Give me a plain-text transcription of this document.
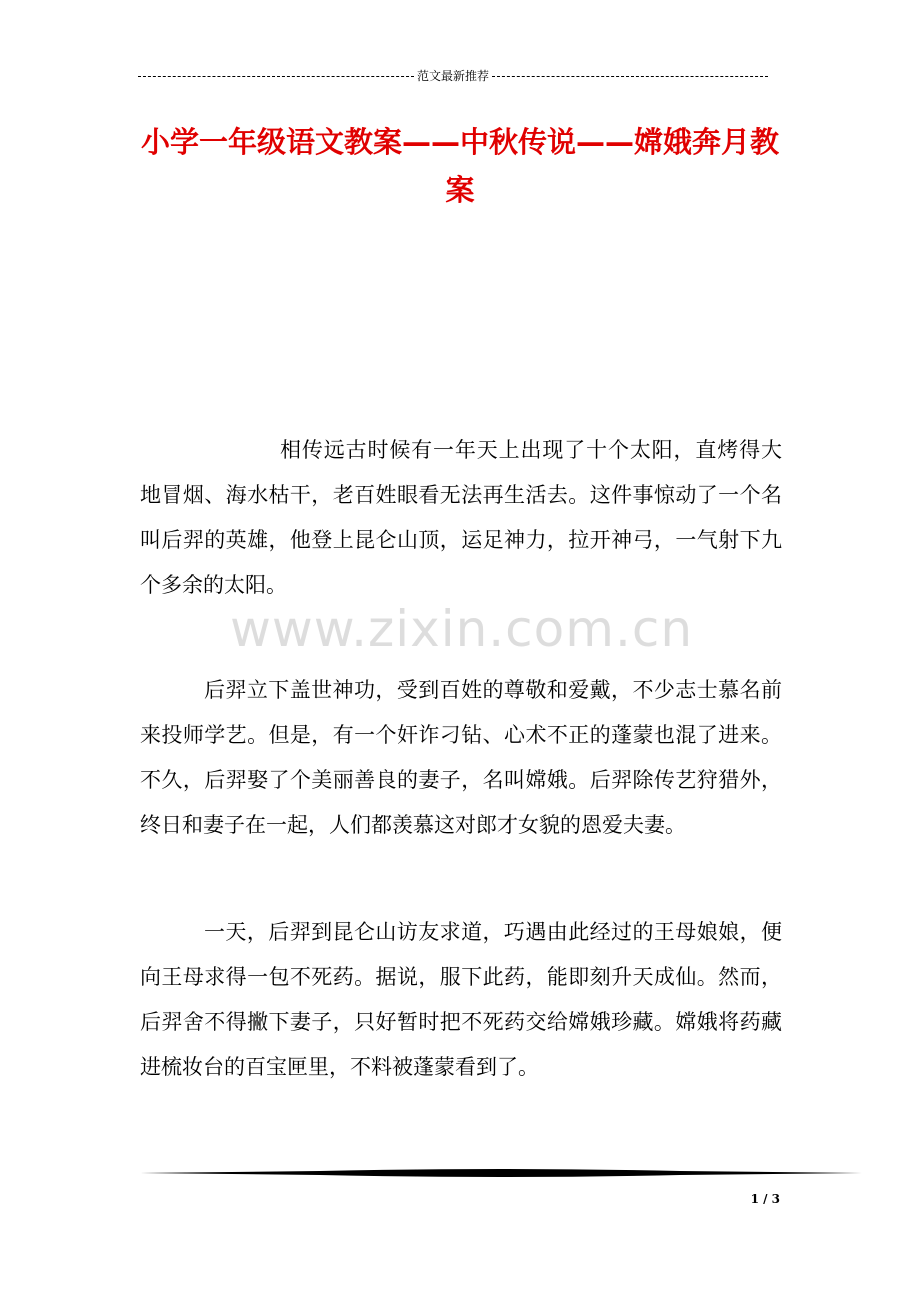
范文最新推荐
小学一年级语文教案——中秋传说——嫦娥奔月教案

相传远古时候有一年天上出现了十个太阳，直烤得大地冒烟、海水枯干，老百姓眼看无法再生活去。这件事惊动了一个名叫后羿的英雄，他登上昆仑山顶，运足神力，拉开神弓，一气射下九个多余的太阳。

www.zixin.com.cn

后羿立下盖世神功，受到百姓的尊敬和爱戴，不少志士慕名前来投师学艺。但是，有一个奸诈刁钻、心术不正的蓬蒙也混了进来。不久，后羿娶了个美丽善良的妻子，名叫嫦娥。后羿除传艺狩猎外，终日和妻子在一起，人们都羡慕这对郎才女貌的恩爱夫妻。

一天，后羿到昆仑山访友求道，巧遇由此经过的王母娘娘，便向王母求得一包不死药。据说，服下此药，能即刻升天成仙。然而，后羿舍不得撇下妻子，只好暂时把不死药交给嫦娥珍藏。嫦娥将药藏进梳妆台的百宝匣里，不料被蓬蒙看到了。

1 / 3
